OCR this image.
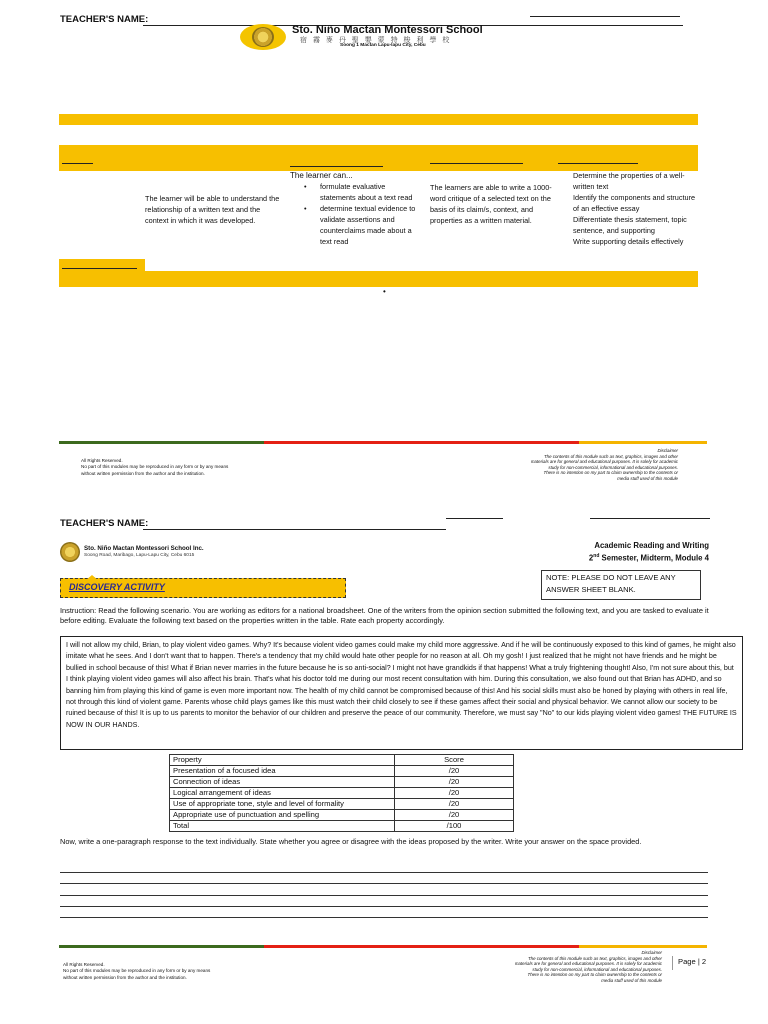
TEACHER'S NAME:
Sto. Niño Mactan Montessori School
宿 霧 麥 丹 聖 嬰 蒙 特 梭 利 學 校
Soong 1 Mactan Lapu-lapu City, Cebu
The learner will be able to understand the relationship of a written text and the context in which it was developed.
The learner can...
• formulate evaluative statements about a text read
• determine textual evidence to validate assertions and counterclaims made about a text read
The learners are able to write a 1000-word critique of a selected text on the basis of its claim/s, context, and properties as a written material.
Determine the properties of a well-written text
Identify the components and structure of an effective essay
Differentiate thesis statement, topic sentence, and supporting
Write supporting details effectively
•
All Rights Reserved.
No part of this modules may be reproduced in any form or by any means
without written permission from the author and the institution.
Disclaimer
The contents of this module such as text, graphics, images and other
materials are for general and educational purposes. It is solely for academic
study for non-commercial, informational and educational purposes.
There is no intention on my part to claim ownership to the contents or
media stuff used of this module
TEACHER'S NAME:
Sto. Niño Mactan Montessori School Inc.
Soong Road, Maribago, Lapu-Lapu City, Cebu 6015
Academic Reading and Writing
2nd Semester, Midterm, Module 4
DISCOVERY ACTIVITY
NOTE: PLEASE DO NOT LEAVE ANY ANSWER SHEET BLANK.
Instruction: Read the following scenario. You are working as editors for a national broadsheet. One of the writers from the opinion section submitted the following text, and you are tasked to evaluate it before editing. Evaluate the following text based on the properties written in the table. Rate each property accordingly.
I will not allow my child, Brian, to play violent video games. Why? It's because violent video games could make my child more aggressive. And if he will be continuously exposed to this kind of games, he might also imitate what he sees. And I don't want that to happen. There's a tendency that my child would hate other people for no reason at all. Oh my gosh! I just realized that he might not have friends and he might be bullied in school because of this! What if Brian never marries in the future because he is so anti-social? I might not have grandkids if that happens! What a truly frightening thought! Also, I'm not sure about this, but I think playing violent video games will also affect his brain. That's what his doctor told me during our most recent consultation with him. During this consultation, we also found out that Brian has ADHD, and so banning him from playing this kind of game is even more important now. The health of my child cannot be compromised because of this! And his social skills must also be honed by playing with others in real life, not through this kind of violent game. Parents whose child plays games like this must watch their child closely to see if these games affect their social and physical behavior. We cannot allow our society to be ruined because of this! It is up to us parents to monitor the behavior of our children and preserve the peace of our community. Therefore, we must say "No" to our kids playing violent video games! THE FUTURE IS NOW IN OUR HANDS.
Property	Score
Presentation of a focused idea	/20
Connection of ideas	/20
Logical arrangement of ideas	/20
Use of appropriate tone, style and level of formality	/20
Appropriate use of punctuation and spelling	/20
Total	/100
Now, write a one-paragraph response to the text individually. State whether you agree or disagree with the ideas proposed by the writer. Write your answer on the space provided.
All Rights Reserved.
No part of this modules may be reproduced in any form or by any means
without written permission from the author and the institution.
Disclaimer
The contents of this module such as text, graphics, images and other
materials are for general and educational purposes. It is solely for academic
study for non-commercial, informational and educational purposes.
There is no intention on my part to claim ownership to the contents or
media stuff used of this module
Page | 2
